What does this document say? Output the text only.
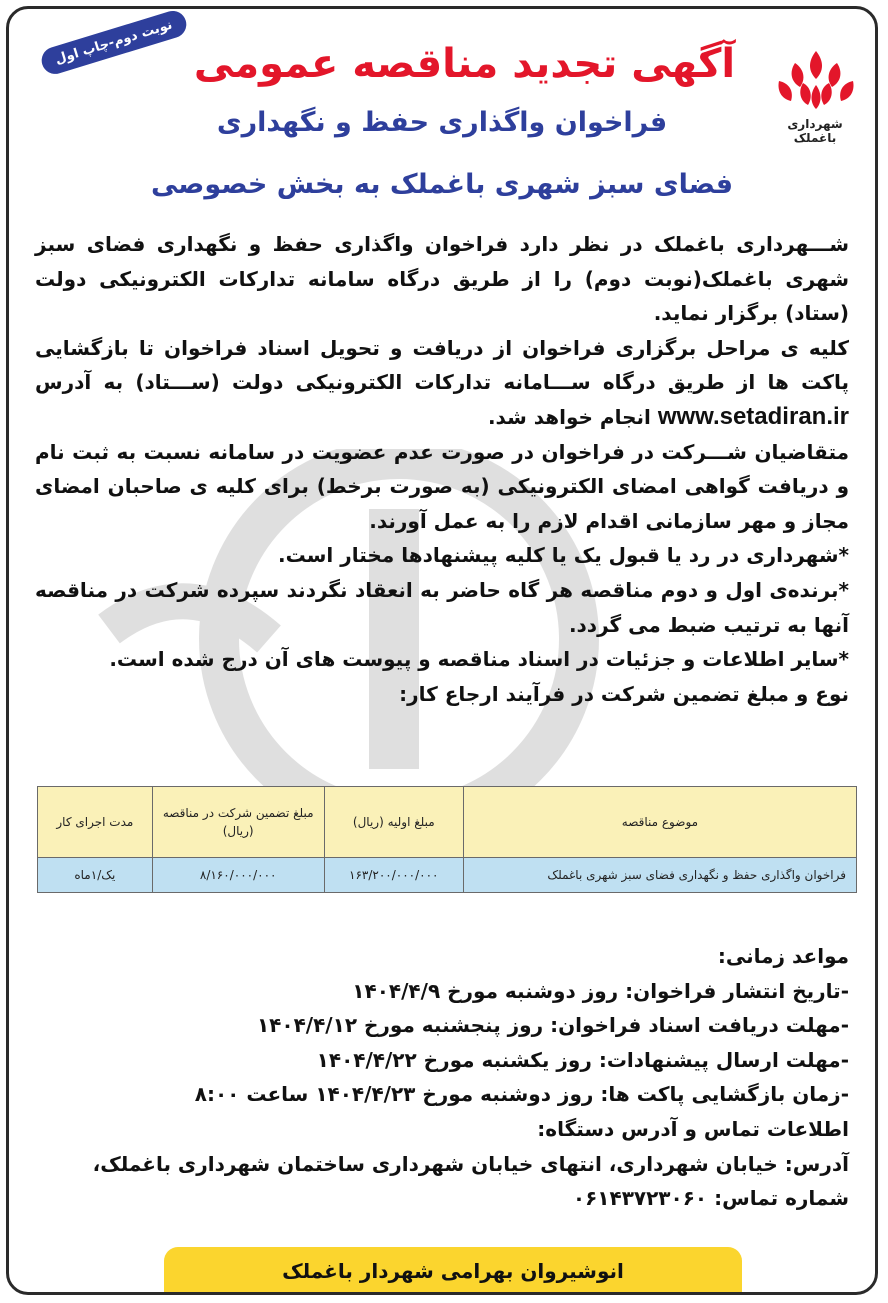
نوبت دوم-چاپ اول آگهی تجدید مناقصه عمومی
شهرداری باغملک
فراخوان واگذاری حفظ و نگهداری
فضای سبز شهری باغملک به بخش خصوصی

شـــهرداری باغملک در نظر دارد فراخوان واگذاری حفظ و نگهداری فضای سبز شهری باغملک(نوبت دوم) را از طریق درگاه سامانه تدارکات الکترونیکی دولت (ستاد) برگزار نماید.

کلیه ی مراحل برگزاری فراخوان از دریافت و تحویل اسناد فراخوان تا بازگشایی پاکت ها از طریق درگاه ســـامانه تدارکات الکترونیکی دولت (ســـتاد) به آدرس www.setadiran.ir انجام خواهد شد.

متقاضیان شـــرکت در فراخوان در صورت عدم عضویت در سامانه نسبت به ثبت نام و دریافت گواهی امضای الکترونیکی (به صورت برخط) برای کلیه ی صاحبان امضای مجاز و مهر سازمانی اقدام لازم را به عمل آورند.

*شهرداری در رد یا قبول یک یا کلیه پیشنهادها مختار است.

*برنده‌ی اول و دوم مناقصه هر گاه حاضر به انعقاد نگردند سپرده شرکت در مناقصه آنها به ترتیب ضبط می گردد.

*سایر اطلاعات و جزئیات در اسناد مناقصه و پیوست های آن درج شده است.

نوع و مبلغ تضمین شرکت در فرآیند ارجاع کار:

موضوع مناقصه	مبلغ اولیه (ریال)	مبلغ تضمین شرکت در مناقصه (ریال)	مدت اجرای کار
فراخوان واگذاری حفظ و نگهداری فضای سبز شهری باغملک	۱۶۳/۲۰۰/۰۰۰/۰۰۰	۸/۱۶۰/۰۰۰/۰۰۰	یک/۱ماه
مواعد زمانی:
-تاریخ انتشار فراخوان: روز دوشنبه مورخ ۱۴۰۴/۴/۹
-مهلت دریافت اسناد فراخوان: روز پنجشنبه مورخ ۱۴۰۴/۴/۱۲
-مهلت ارسال پیشنهادات: روز یکشنبه مورخ ۱۴۰۴/۴/۲۲
-زمان بازگشایی پاکت ها: روز دوشنبه مورخ ۱۴۰۴/۴/۲۳ ساعت ۸:۰۰
اطلاعات تماس و آدرس دستگاه:
آدرس: خیابان شهرداری، انتهای خیابان شهرداری ساختمان شهرداری باغملک،
شماره تماس: ۰۶۱۴۳۷۲۳۰۶۰
انوشیروان بهرامی شهردار باغملک
